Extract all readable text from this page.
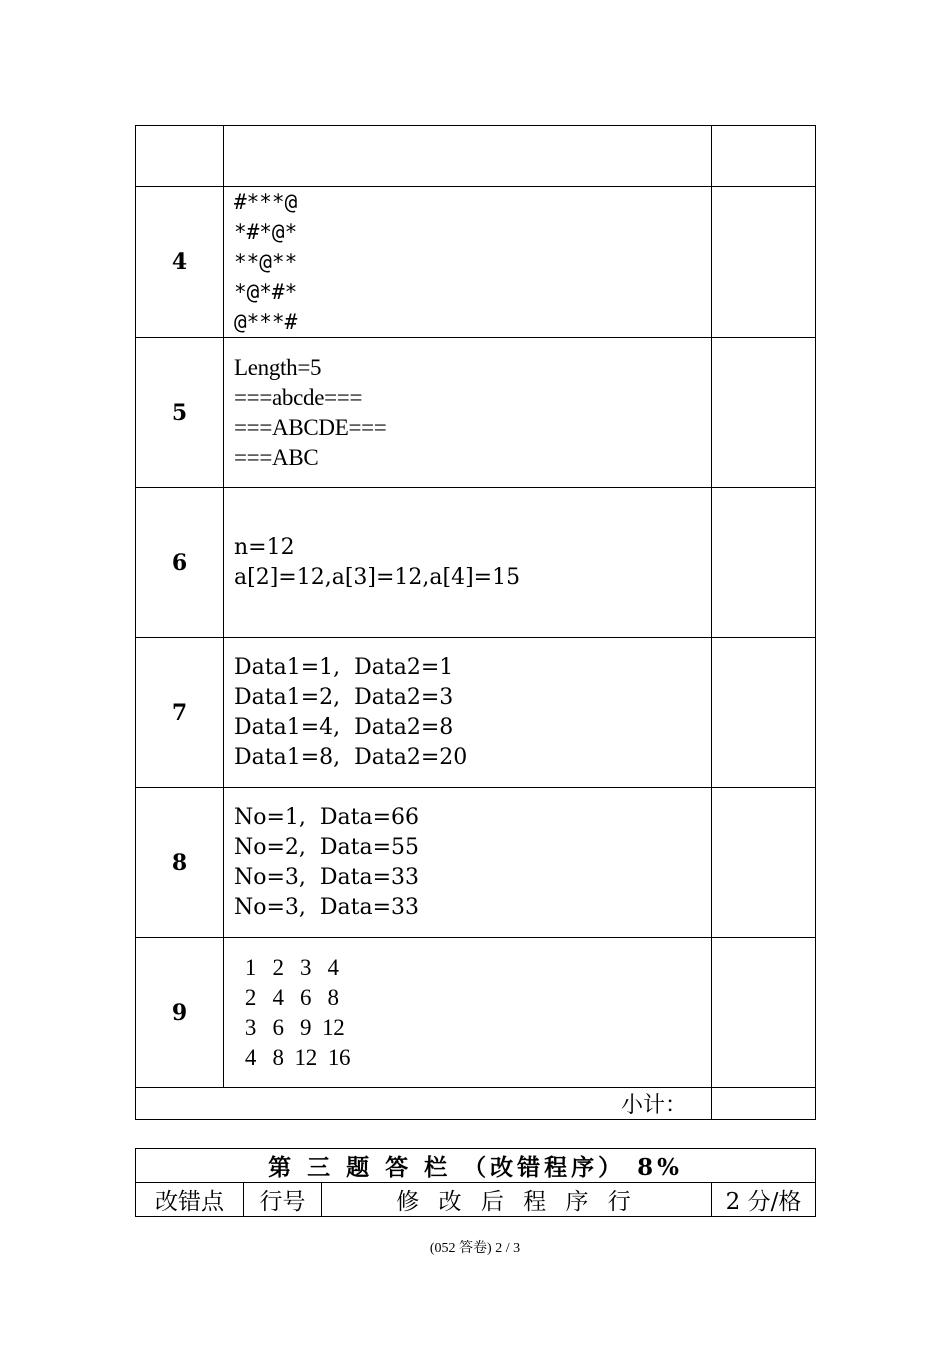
4	#***@
*#*@*
**@**
*@*#*
@***#	

5	Length=5
===abcde===
===ABCDE===
===ABC	

6	n=12
a[2]=12,a[3]=12,a[4]=15	

7	Data1=1,  Data2=1
Data1=2,  Data2=3
Data1=4,  Data2=8
Data1=8,  Data2=20	

8	No=1,  Data=66
No=2,  Data=55
No=3,  Data=33
No=3,  Data=33	

9	1   2   3   4
2   4   6   8
3   6   9  12
4   8  12  16	

小计：		
第 三 题 答 栏 （改错程序） 8%
改错点	行号	修 改 后 程 序 行	2 分/格
(052 答卷) 2 / 3
